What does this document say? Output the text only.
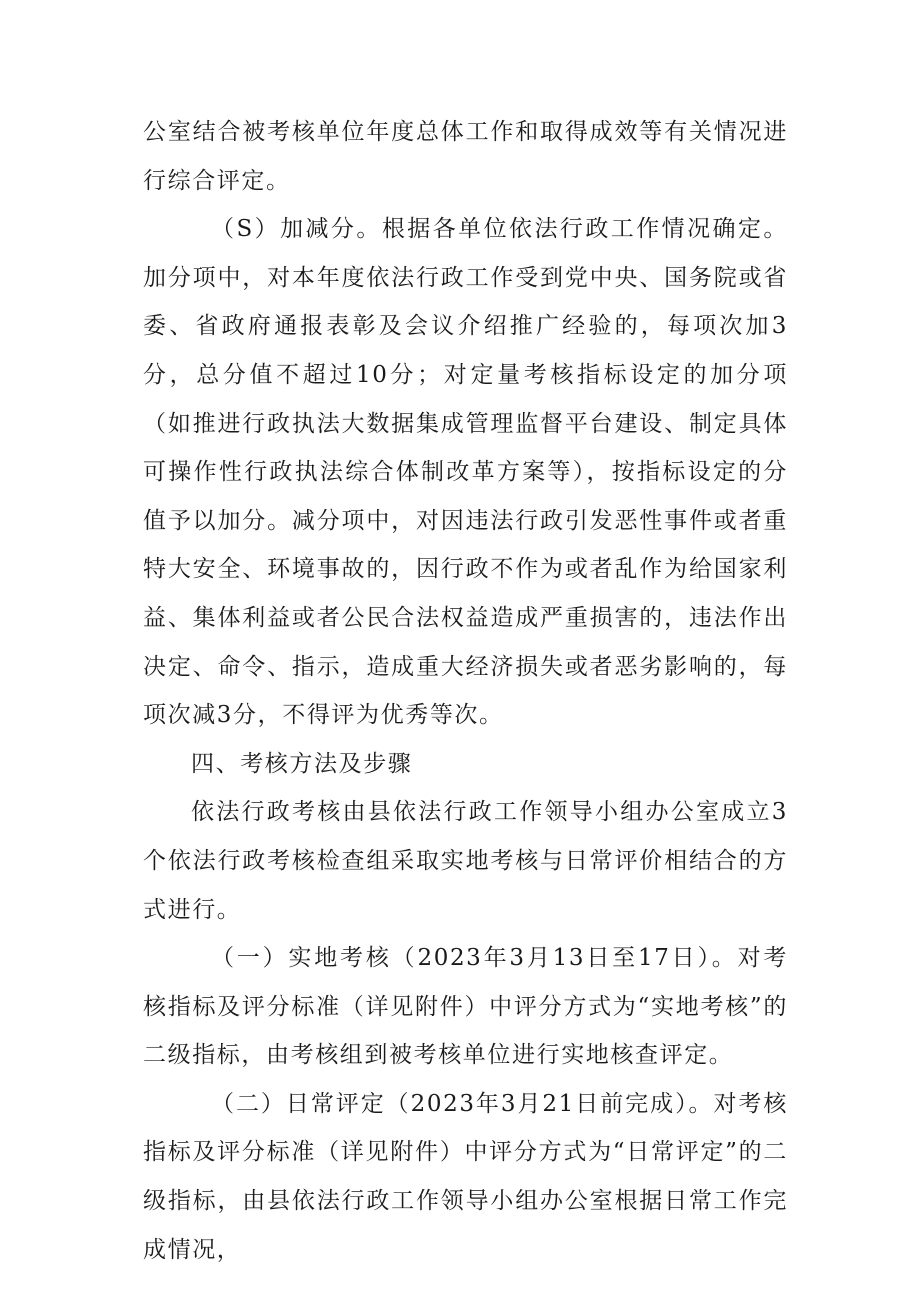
公室结合被考核单位年度总体工作和取得成效等有关情况进行综合评定。

（S）加减分。根据各单位依法行政工作情况确定。加分项中，对本年度依法行政工作受到党中央、国务院或省委、省政府通报表彰及会议介绍推广经验的，每项次加3分，总分值不超过10分；对定量考核指标设定的加分项（如推进行政执法大数据集成管理监督平台建设、制定具体可操作性行政执法综合体制改革方案等），按指标设定的分值予以加分。减分项中，对因违法行政引发恶性事件或者重特大安全、环境事故的，因行政不作为或者乱作为给国家利益、集体利益或者公民合法权益造成严重损害的，违法作出决定、命令、指示，造成重大经济损失或者恶劣影响的，每项次减3分，不得评为优秀等次。

四、考核方法及步骤

依法行政考核由县依法行政工作领导小组办公室成立3个依法行政考核检查组采取实地考核与日常评价相结合的方式进行。

（一）实地考核（2023年3月13日至17日）。对考核指标及评分标准（详见附件）中评分方式为“实地考核”的二级指标，由考核组到被考核单位进行实地核查评定。

（二）日常评定（2023年3月21日前完成）。对考核指标及评分标准（详见附件）中评分方式为“日常评定”的二级指标，由县依法行政工作领导小组办公室根据日常工作完成情况，
